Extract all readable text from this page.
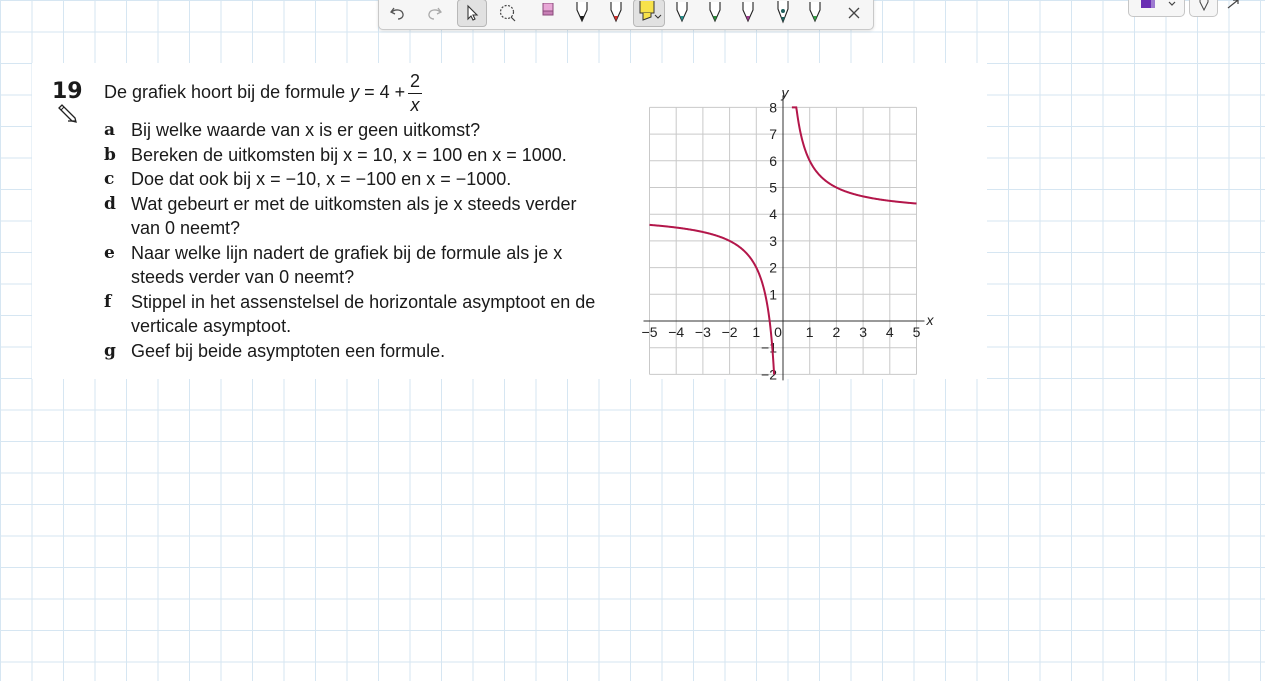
19 De grafiek hoort bij de formule $y = 4 + \frac{2}{x}$
a Bij welke waarde van x is er geen uitkomst?
b Bereken de uitkomsten bij x = 10, x = 100 en x = 1000.
c Doe dat ook bij x = −10, x = −100 en x = −1000.
d Wat gebeurt er met de uitkomsten als je x steeds verder van 0 neemt?
e Naar welke lijn nadert de grafiek bij de formule als je x steeds verder van 0 neemt?
f Stippel in het assenstelsel de horizontale asymptoot en de verticale asymptoot.
g Geef bij beide asymptoten een formule.
−5 −4 −3 −2 1 0 1 2 3 4 5
8
7
6
5
4
3
2
1
−1
−2
x
y
